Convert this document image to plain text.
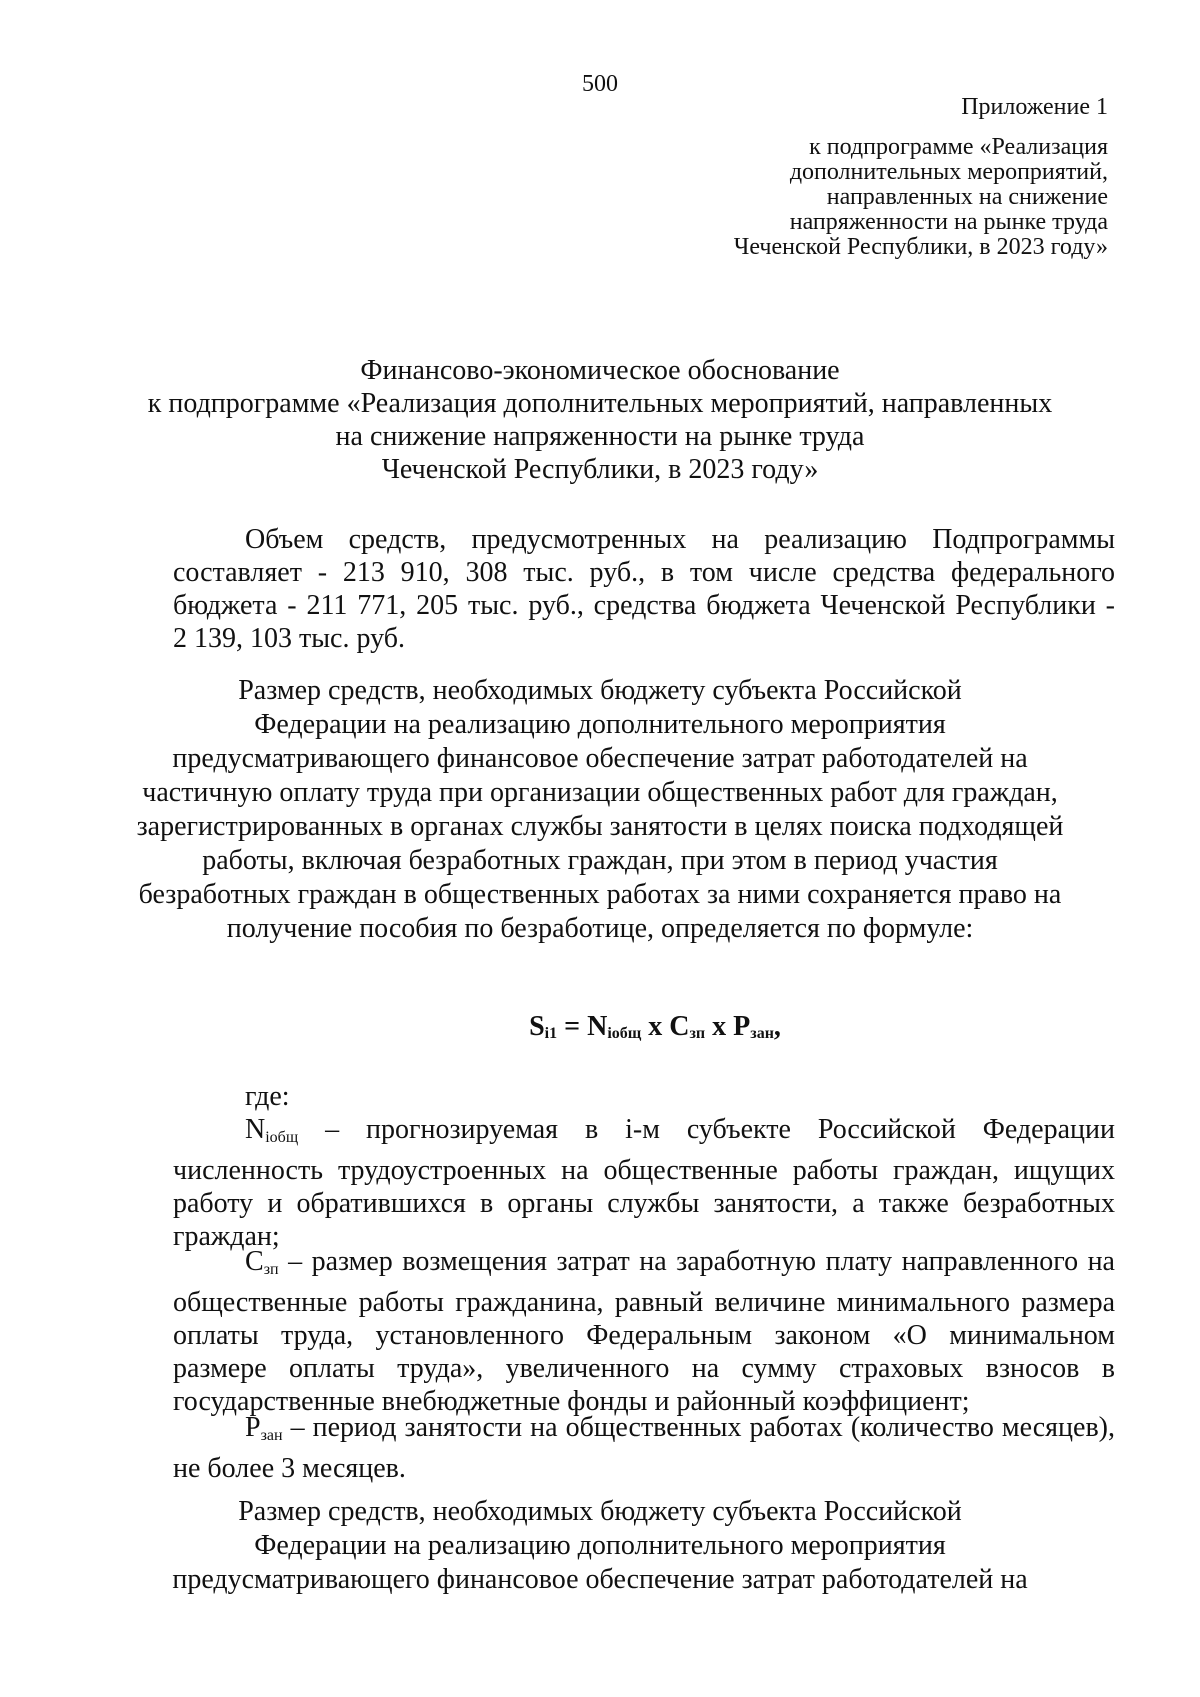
500
Приложение 1
к подпрограмме «Реализация
дополнительных мероприятий,
направленных на снижение
напряженности на рынке труда
Чеченской Республики, в 2023 году»
Финансово-экономическое обоснование
к подпрограмме «Реализация дополнительных мероприятий, направленных
на снижение напряженности на рынке труда
Чеченской Республики, в 2023 году»
Объем средств, предусмотренных на реализацию Подпрограммы
составляет - 213 910, 308 тыс. руб., в том числе средства федерального
бюджета - 211 771, 205 тыс. руб., средства бюджета Чеченской Республики -
2 139, 103 тыс. руб.
Размер средств, необходимых бюджету субъекта Российской
Федерации на реализацию дополнительного мероприятия
предусматривающего финансовое обеспечение затрат работодателей на
частичную оплату труда при организации общественных работ для граждан,
зарегистрированных в органах службы занятости в целях поиска подходящей
работы, включая безработных граждан, при этом в период участия
безработных граждан в общественных работах за ними сохраняется право на
получение пособия по безработице, определяется по формуле:
$S_{i1} = N_{iобщ}$ x $C_{зп}$ x $P_{зан}$,
где:
$N_{iобщ}$ – прогнозируемая в i-м субъекте Российской Федерации
численность трудоустроенных на общественные работы граждан, ищущих
работу и обратившихся в органы службы занятости, а также безработных
граждан;
$C_{зп}$ – размер возмещения затрат на заработную плату направленного на
общественные работы гражданина, равный величине минимального размера
оплаты труда, установленного Федеральным законом «О минимальном
размере оплаты труда», увеличенного на сумму страховых взносов в
государственные внебюджетные фонды и районный коэффициент;
$P_{зан}$ – период занятости на общественных работах (количество месяцев),
не более 3 месяцев.
Размер средств, необходимых бюджету субъекта Российской
Федерации на реализацию дополнительного мероприятия
предусматривающего финансовое обеспечение затрат работодателей на
